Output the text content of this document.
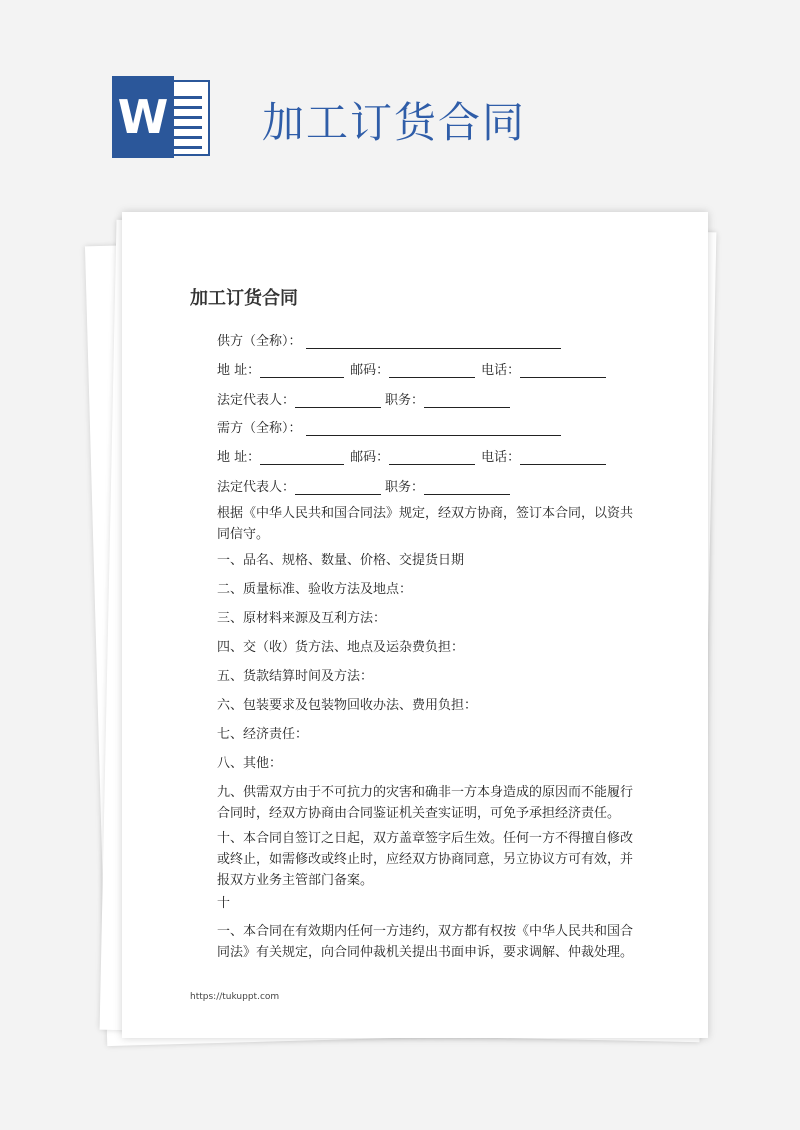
W 加工订货合同
加工订货合同
供方（全称）：
地 址：	邮码：	电话：
法定代表人：	职务：
需方（全称）：
地 址：	邮码：	电话：
法定代表人：	职务：
根据《中华人民共和国合同法》规定，经双方协商，签订本合同，以资共同信守。
一、品名、规格、数量、价格、交提货日期
二、质量标准、验收方法及地点：
三、原材料来源及互利方法：
四、交（收）货方法、地点及运杂费负担：
五、货款结算时间及方法：
六、包装要求及包装物回收办法、费用负担：
七、经济责任：
八、其他：
九、供需双方由于不可抗力的灾害和确非一方本身造成的原因而不能履行合同时，经双方协商由合同鉴证机关查实证明，可免予承担经济责任。
十、本合同自签订之日起，双方盖章签字后生效。任何一方不得擅自修改或终止，如需修改或终止时，应经双方协商同意，另立协议方可有效，并报双方业务主管部门备案。
十
一、本合同在有效期内任何一方违约，双方都有权按《中华人民共和国合同法》有关规定，向合同仲裁机关提出书面申诉，要求调解、仲裁处理。
https://tukuppt.com
